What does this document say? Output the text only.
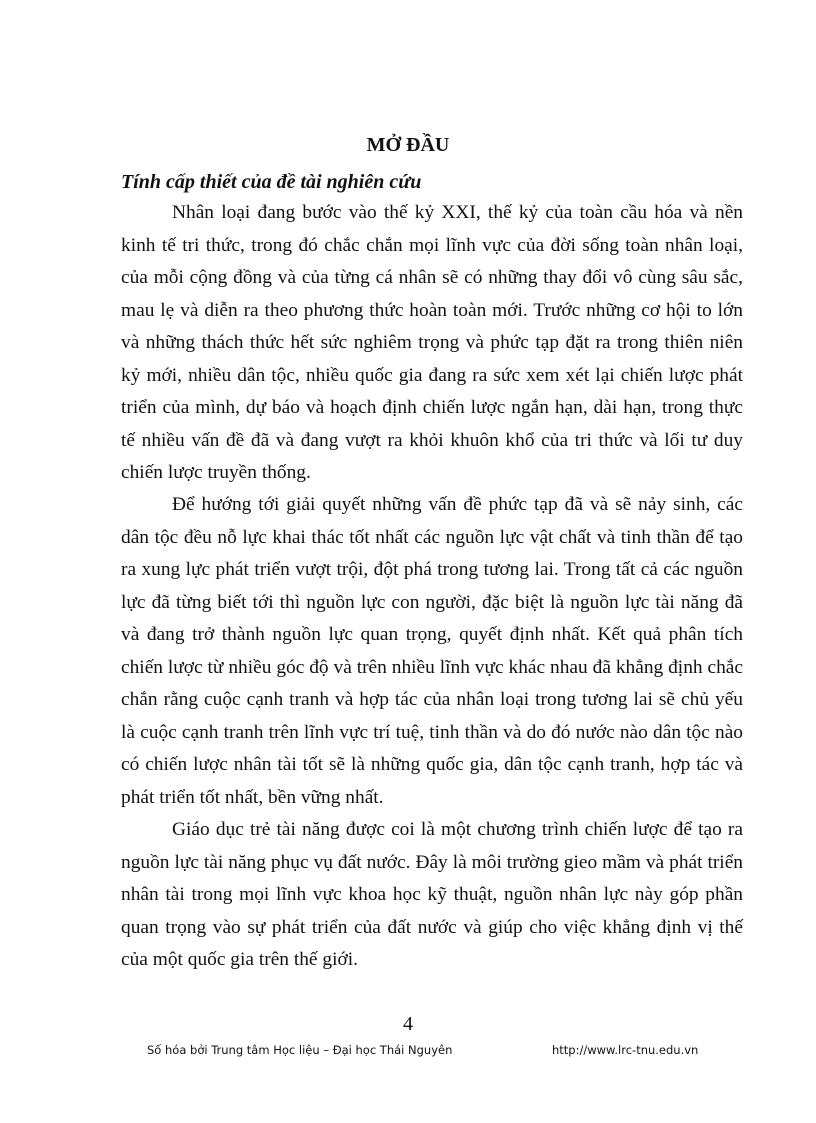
MỞ ĐẦU
Tính cấp thiết của đề tài nghiên cứu

Nhân loại đang bước vào thế kỷ XXI, thế kỷ của toàn cầu hóa và nền kinh tế tri thức, trong đó chắc chắn mọi lĩnh vực của đời sống toàn nhân loại, của mỗi cộng đồng và của từng cá nhân sẽ có những thay đổi vô cùng sâu sắc, mau lẹ và diễn ra theo phương thức hoàn toàn mới. Trước những cơ hội to lớn và những thách thức hết sức nghiêm trọng và phức tạp đặt ra trong thiên niên kỷ mới, nhiều dân tộc, nhiều quốc gia đang ra sức xem xét lại chiến lược phát triển của mình, dự báo và hoạch định chiến lược ngắn hạn, dài hạn, trong thực tế nhiều vấn đề đã và đang vượt ra khỏi khuôn khổ của tri thức và lối tư duy chiến lược truyền thống.

Để hướng tới giải quyết những vấn đề phức tạp đã và sẽ nảy sinh, các dân tộc đều nỗ lực khai thác tốt nhất các nguồn lực vật chất và tinh thần để tạo ra xung lực phát triển vượt trội, đột phá trong tương lai. Trong tất cả các nguồn lực đã từng biết tới thì nguồn lực con người, đặc biệt là nguồn lực tài năng đã và đang trở thành nguồn lực quan trọng, quyết định nhất. Kết quả phân tích chiến lược từ nhiều góc độ và trên nhiều lĩnh vực khác nhau đã khẳng định chắc chắn rằng cuộc cạnh tranh và hợp tác của nhân loại trong tương lai sẽ chủ yếu là cuộc cạnh tranh trên lĩnh vực trí tuệ, tinh thần và do đó nước nào dân tộc nào có chiến lược nhân tài tốt sẽ là những quốc gia, dân tộc cạnh tranh, hợp tác và phát triển tốt nhất, bền vững nhất.

Giáo dục trẻ tài năng được coi là một chương trình chiến lược để tạo ra nguồn lực tài năng phục vụ đất nước. Đây là môi trường gieo mầm và phát triển nhân tài trong mọi lĩnh vực khoa học kỹ thuật, nguồn nhân lực này góp phần quan trọng vào sự phát triển của đất nước và giúp cho việc khẳng định vị thế của một quốc gia trên thế giới.

4
Số hóa bởi Trung tâm Học liệu – Đại học Thái Nguyên	http://www.lrc-tnu.edu.vn
